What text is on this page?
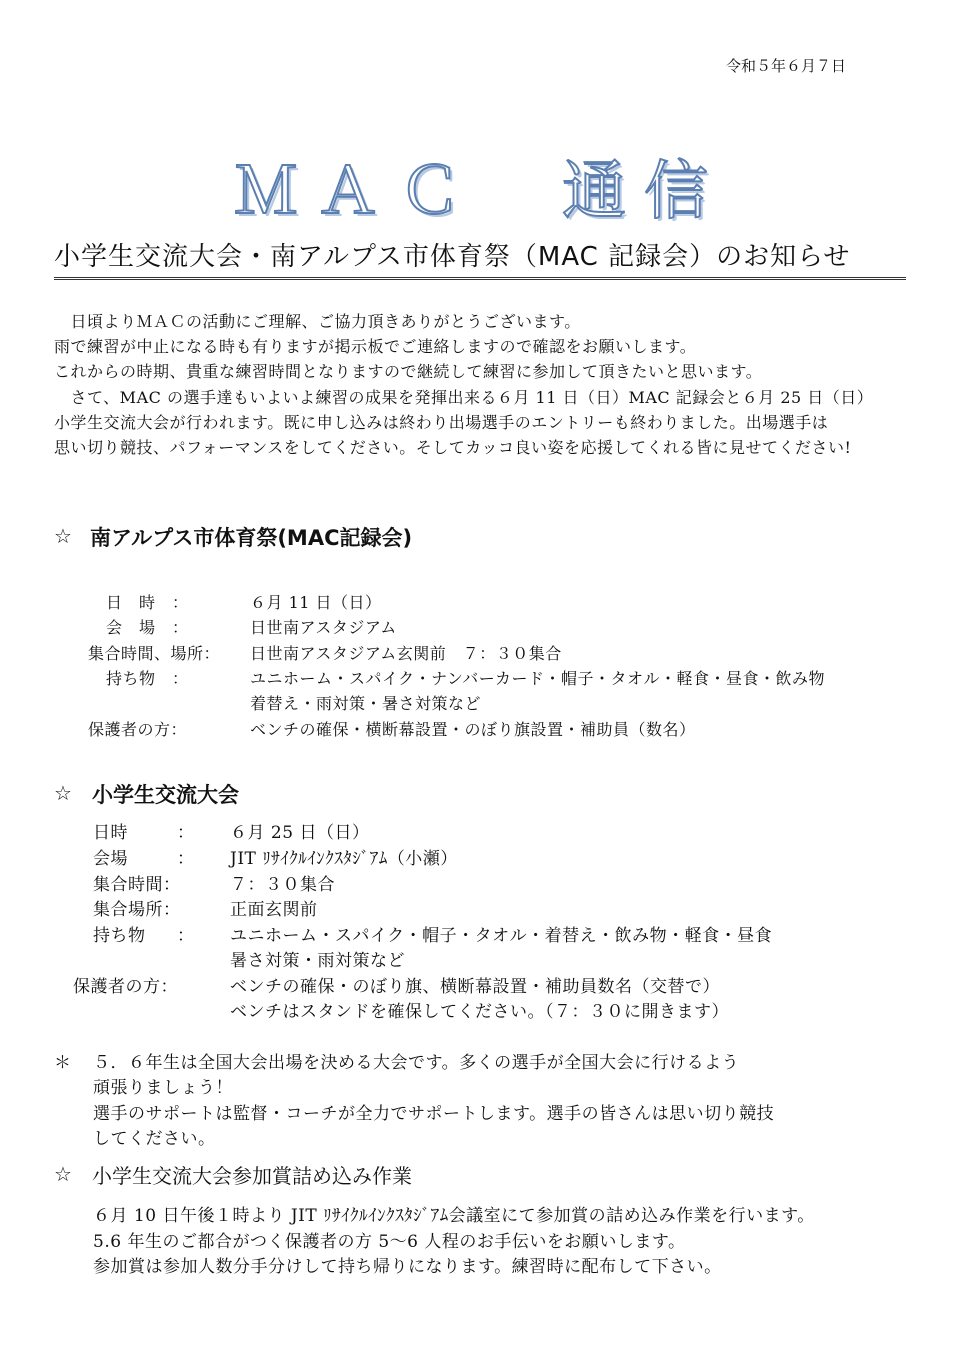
令和５年６月７日
ＭＡＣ　通信
小学生交流大会・南アルプス市体育祭（MAC 記録会）のお知らせ
　日頃よりＭＡＣの活動にご理解、ご協力頂きありがとうございます。
雨で練習が中止になる時も有りますが掲示板でご連絡しますので確認をお願いします。
これからの時期、貴重な練習時間となりますので継続して練習に参加して頂きたいと思います。
　さて、MAC の選手達もいよいよ練習の成果を発揮出来る６月 11 日（日）MAC 記録会と６月 25 日（日）
小学生交流大会が行われます。既に申し込みは終わり出場選手のエントリーも終わりました。出場選手は
思い切り競技、パフォーマンスをしてください。そしてカッコ良い姿を応援してくれる皆に見せてください!
☆ 南アルプス市体育祭(MAC記録会)
日　時　：	６月 11 日（日）
会　場　：	日世南アスタジアム
集合時間、場所： 日世南アスタジアム玄関前　７：３０集合
持ち物　：	ユニホーム・スパイク・ナンバーカード・帽子・タオル・軽食・昼食・飲み物
着替え・雨対策・暑さ対策など
保護者の方：	ベンチの確保・横断幕設置・のぼり旗設置・補助員（数名）
☆ 小学生交流大会
日時	： ６月 25 日（日）
会場	： JIT ﾘｻｲｸﾙｲﾝｸｽﾀｼﾞｱﾑ（小瀬）
集合時間：	７：３０集合
集合場所：	正面玄関前
持ち物 ： ユニホーム・スパイク・帽子・タオル・着替え・飲み物・軽食・昼食
暑さ対策・雨対策など
保護者の方：	ベンチの確保・のぼり旗、横断幕設置・補助員数名（交替で）
ベンチはスタンドを確保してください。（７：３０に開きます）
＊ ５．６年生は全国大会出場を決める大会です。多くの選手が全国大会に行けるよう
頑張りましょう！
選手のサポートは監督・コーチが全力でサポートします。選手の皆さんは思い切り競技
してください。
☆ 小学生交流大会参加賞詰め込み作業
６月 10 日午後１時より JIT ﾘｻｲｸﾙｲﾝｸｽﾀｼﾞｱﾑ会議室にて参加賞の詰め込み作業を行います。
5.6 年生のご都合がつく保護者の方 5～6 人程のお手伝いをお願いします。
参加賞は参加人数分手分けして持ち帰りになります。練習時に配布して下さい。
